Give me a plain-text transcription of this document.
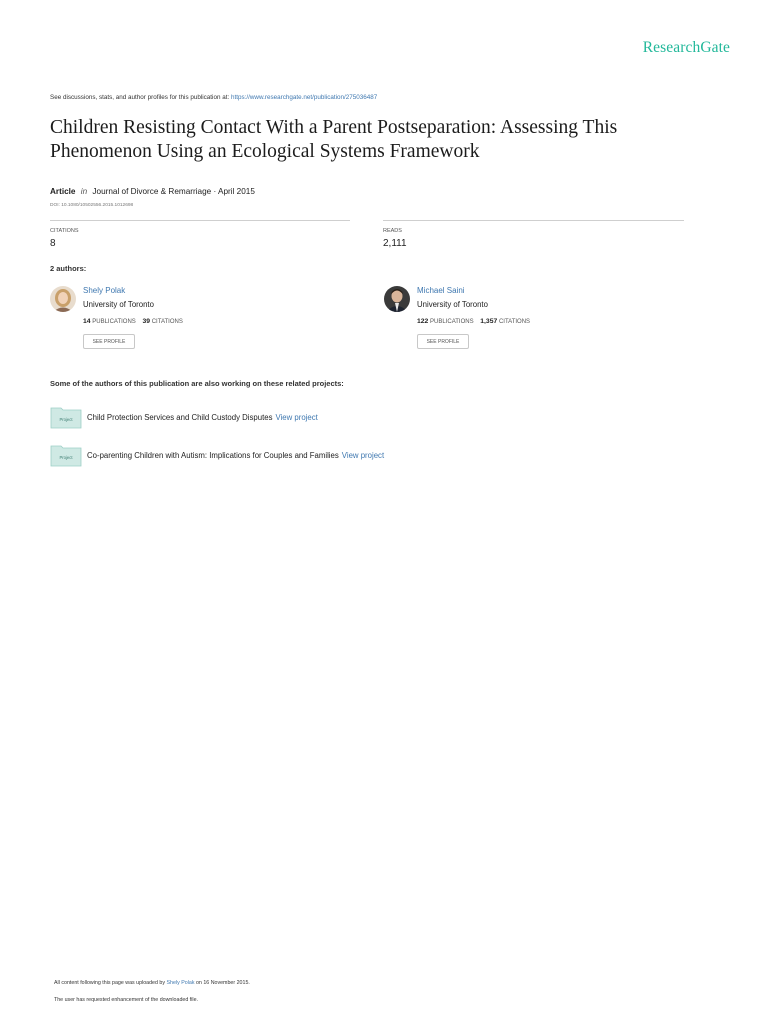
ResearchGate
See discussions, stats, and author profiles for this publication at: https://www.researchgate.net/publication/275036487
Children Resisting Contact With a Parent Postseparation: Assessing This
Phenomenon Using an Ecological Systems Framework
Article in Journal of Divorce & Remarriage · April 2015
DOI: 10.1080/10502556.2015.1012698
CITATIONS
8
READS
2,111
2 authors:
Shely Polak
University of Toronto
14 PUBLICATIONS 39 CITATIONS
SEE PROFILE
Michael Saini
University of Toronto
122 PUBLICATIONS 1,357 CITATIONS
SEE PROFILE
Some of the authors of this publication are also working on these related projects:
Project Child Protection Services and Child Custody Disputes View project
Project Co-parenting Children with Autism: Implications for Couples and Families View project
All content following this page was uploaded by Shely Polak on 16 November 2015.
The user has requested enhancement of the downloaded file.
